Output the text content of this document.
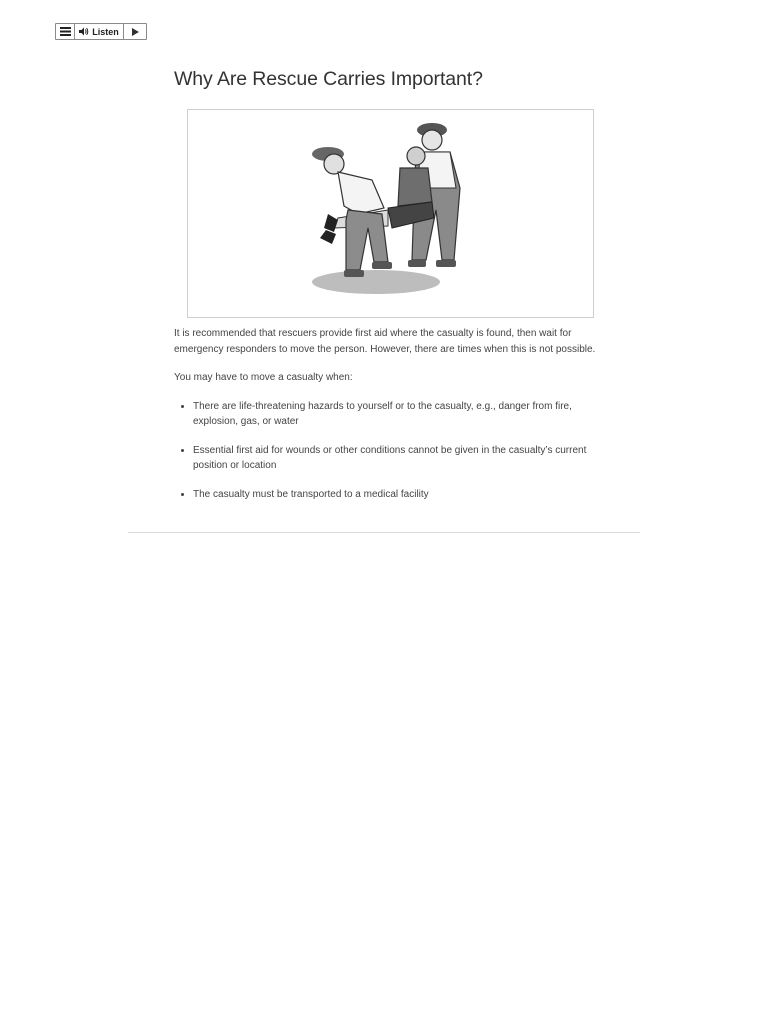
Listen
Why Are Rescue Carries Important?

It is recommended that rescuers provide first aid where the casualty is found, then wait for emergency responders to move the person. However, there are times when this is not possible.

You may have to move a casualty when:

• There are life-threatening hazards to yourself or to the casualty, e.g., danger from fire, explosion, gas, or water
• Essential first aid for wounds or other conditions cannot be given in the casualty’s current position or location
• The casualty must be transported to a medical facility
